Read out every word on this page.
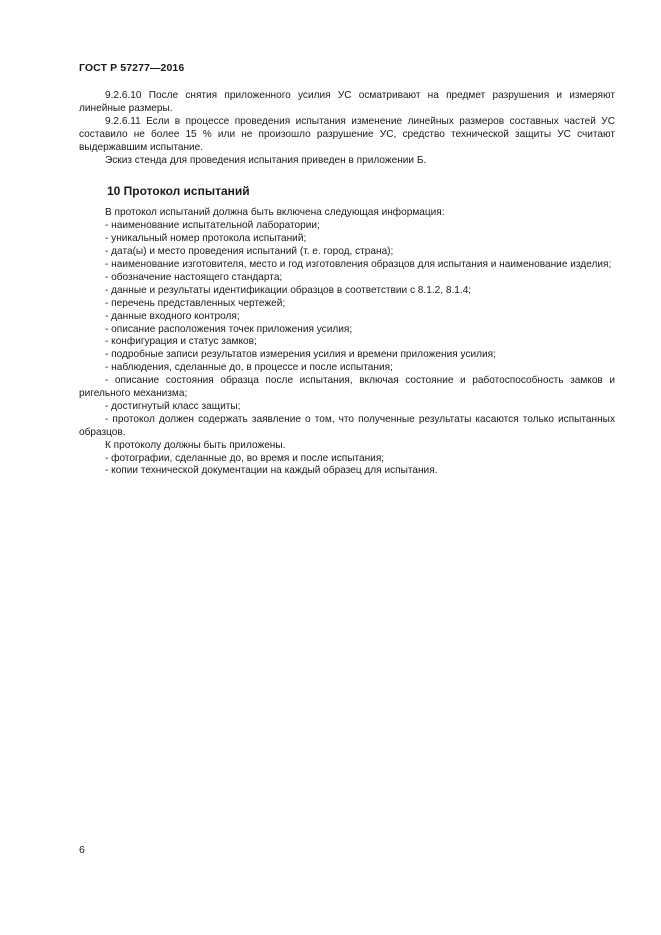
ГОСТ Р 57277—2016
9.2.6.10 После снятия приложенного усилия УС осматривают на предмет разрушения и измеряют линейные размеры.
9.2.6.11 Если в процессе проведения испытания изменение линейных размеров составных частей УС составило не более 15 % или не произошло разрушение УС, средство технической защиты УС считают выдержавшим испытание.
Эскиз стенда для проведения испытания приведен в приложении Б.
10 Протокол испытаний
В протокол испытаний должна быть включена следующая информация:
- наименование испытательной лаборатории;
- уникальный номер протокола испытаний;
- дата(ы) и место проведения испытаний (т. е. город, страна);
- наименование изготовителя, место и год изготовления образцов для испытания и наименование изделия;
- обозначение настоящего стандарта;
- данные и результаты идентификации образцов в соответствии с 8.1.2, 8.1.4;
- перечень представленных чертежей;
- данные входного контроля;
- описание расположения точек приложения усилия;
- конфигурация и статус замков;
- подробные записи результатов измерения усилия и времени приложения усилия;
- наблюдения, сделанные до, в процессе и после испытания;
- описание состояния образца после испытания, включая состояние и работоспособность замков и ригельного механизма;
- достигнутый класс защиты;
- протокол должен содержать заявление о том, что полученные результаты касаются только испытанных образцов.
К протоколу должны быть приложены.
- фотографии, сделанные до, во время и после испытания;
- копии технической документации на каждый образец для испытания.
6
